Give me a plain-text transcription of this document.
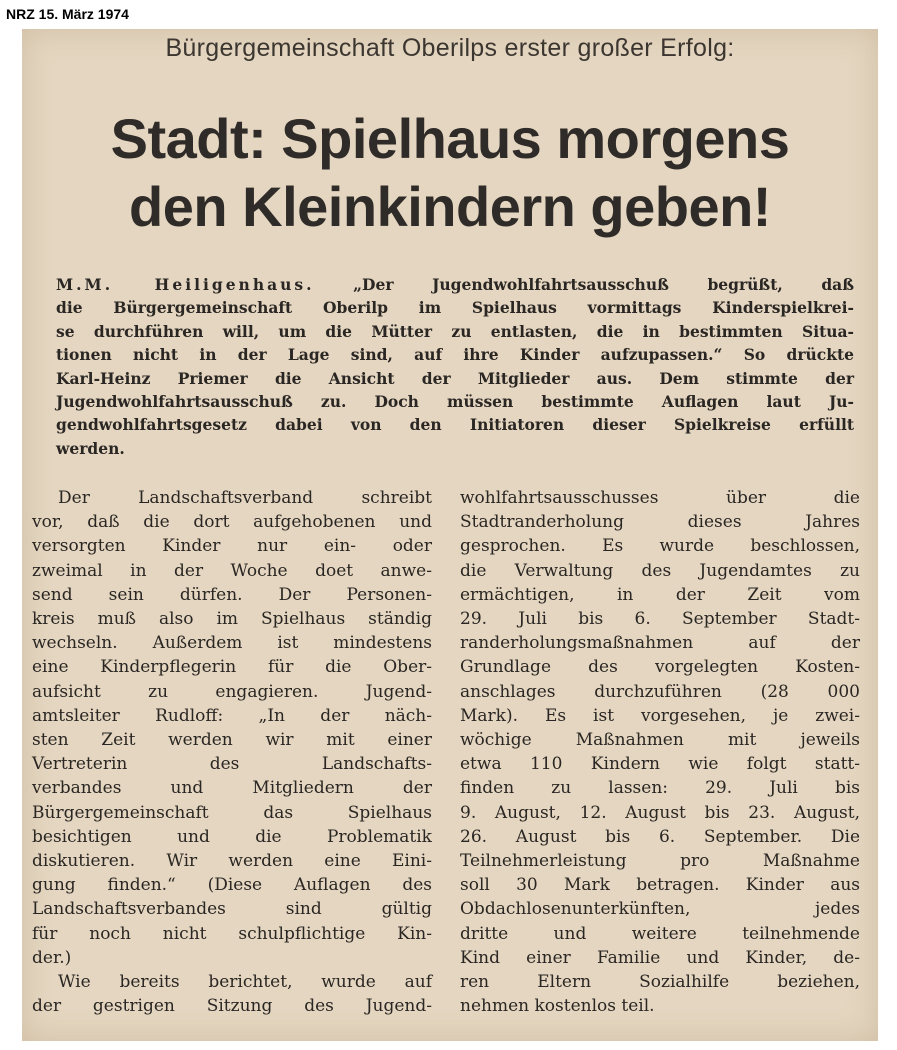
NRZ 15. März 1974
Bürgergemeinschaft Oberilps erster großer Erfolg:
Stadt: Spielhaus morgens
den Kleinkindern geben!
M.M. Heiligenhaus. „Der Jugendwohlfahrtsausschuß begrüßt, daß
die Bürgergemeinschaft Oberilp im Spielhaus vormittags Kinderspielkrei-
se durchführen will, um die Mütter zu entlasten, die in bestimmten Situa-
tionen nicht in der Lage sind, auf ihre Kinder aufzupassen.“ So drückte
Karl-Heinz Priemer die Ansicht der Mitglieder aus. Dem stimmte der
Jugendwohlfahrtsausschuß zu. Doch müssen bestimmte Auflagen laut Ju-
gendwohlfahrtsgesetz dabei von den Initiatoren dieser Spielkreise erfüllt
werden.
Der Landschaftsverband schreibt
vor, daß die dort aufgehobenen und
versorgten Kinder nur ein- oder
zweimal in der Woche doet anwe-
send sein dürfen. Der Personen-
kreis muß also im Spielhaus ständig
wechseln. Außerdem ist mindestens
eine Kinderpflegerin für die Ober-
aufsicht zu engagieren. Jugend-
amtsleiter Rudloff: „In der näch-
sten Zeit werden wir mit einer
Vertreterin des Landschafts-
verbandes und Mitgliedern der
Bürgergemeinschaft das Spielhaus
besichtigen und die Problematik
diskutieren. Wir werden eine Eini-
gung finden.“ (Diese Auflagen des
Landschaftsverbandes sind gültig
für noch nicht schulpflichtige Kin-
der.)
Wie bereits berichtet, wurde auf
der gestrigen Sitzung des Jugend-
wohlfahrtsausschusses über die
Stadtranderholung dieses Jahres
gesprochen. Es wurde beschlossen,
die Verwaltung des Jugendamtes zu
ermächtigen, in der Zeit vom
29. Juli bis 6. September Stadt-
randerholungsmaßnahmen auf der
Grundlage des vorgelegten Kosten-
anschlages durchzuführen (28 000
Mark). Es ist vorgesehen, je zwei-
wöchige Maßnahmen mit jeweils
etwa 110 Kindern wie folgt statt-
finden zu lassen: 29. Juli bis
9. August, 12. August bis 23. August,
26. August bis 6. September. Die
Teilnehmerleistung pro Maßnahme
soll 30 Mark betragen. Kinder aus
Obdachlosenunterkünften, jedes
dritte und weitere teilnehmende
Kind einer Familie und Kinder, de-
ren Eltern Sozialhilfe beziehen,
nehmen kostenlos teil.
